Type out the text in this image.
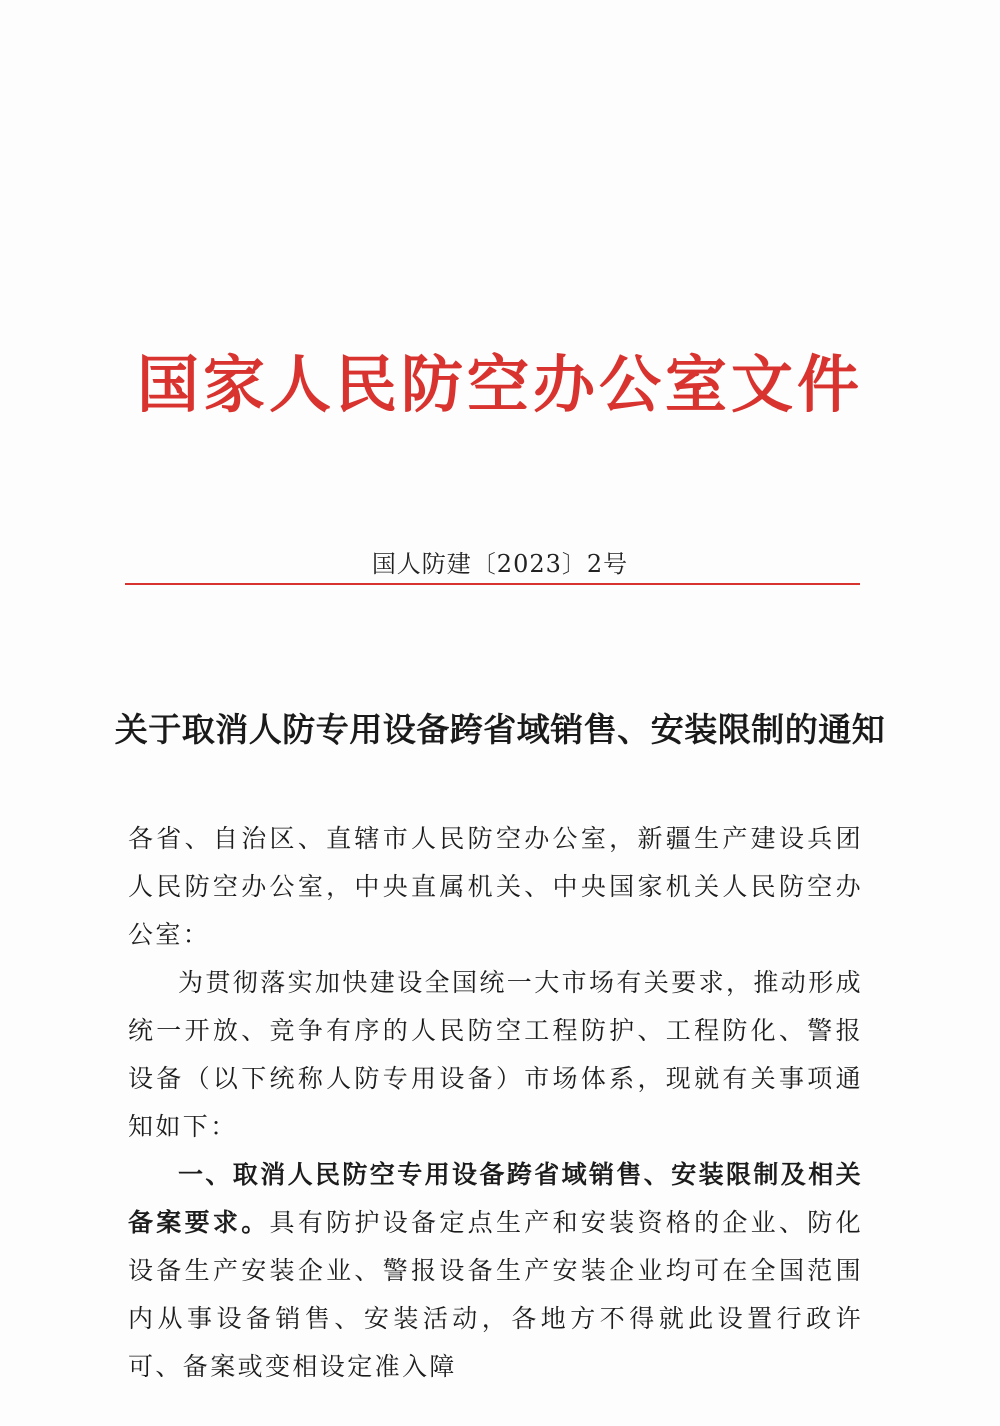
国家人民防空办公室文件
国人防建〔2023〕2号
关于取消人防专用设备跨省域销售、安装限制的通知

各省、自治区、直辖市人民防空办公室，新疆生产建设兵团人民防空办公室，中央直属机关、中央国家机关人民防空办公室：

为贯彻落实加快建设全国统一大市场有关要求，推动形成统一开放、竞争有序的人民防空工程防护、工程防化、警报设备（以下统称人防专用设备）市场体系，现就有关事项通知如下：

一、取消人民防空专用设备跨省域销售、安装限制及相关备案要求。具有防护设备定点生产和安装资格的企业、防化设备生产安装企业、警报设备生产安装企业均可在全国范围内从事设备销售、安装活动，各地方不得就此设置行政许可、备案或变相设定准入障
